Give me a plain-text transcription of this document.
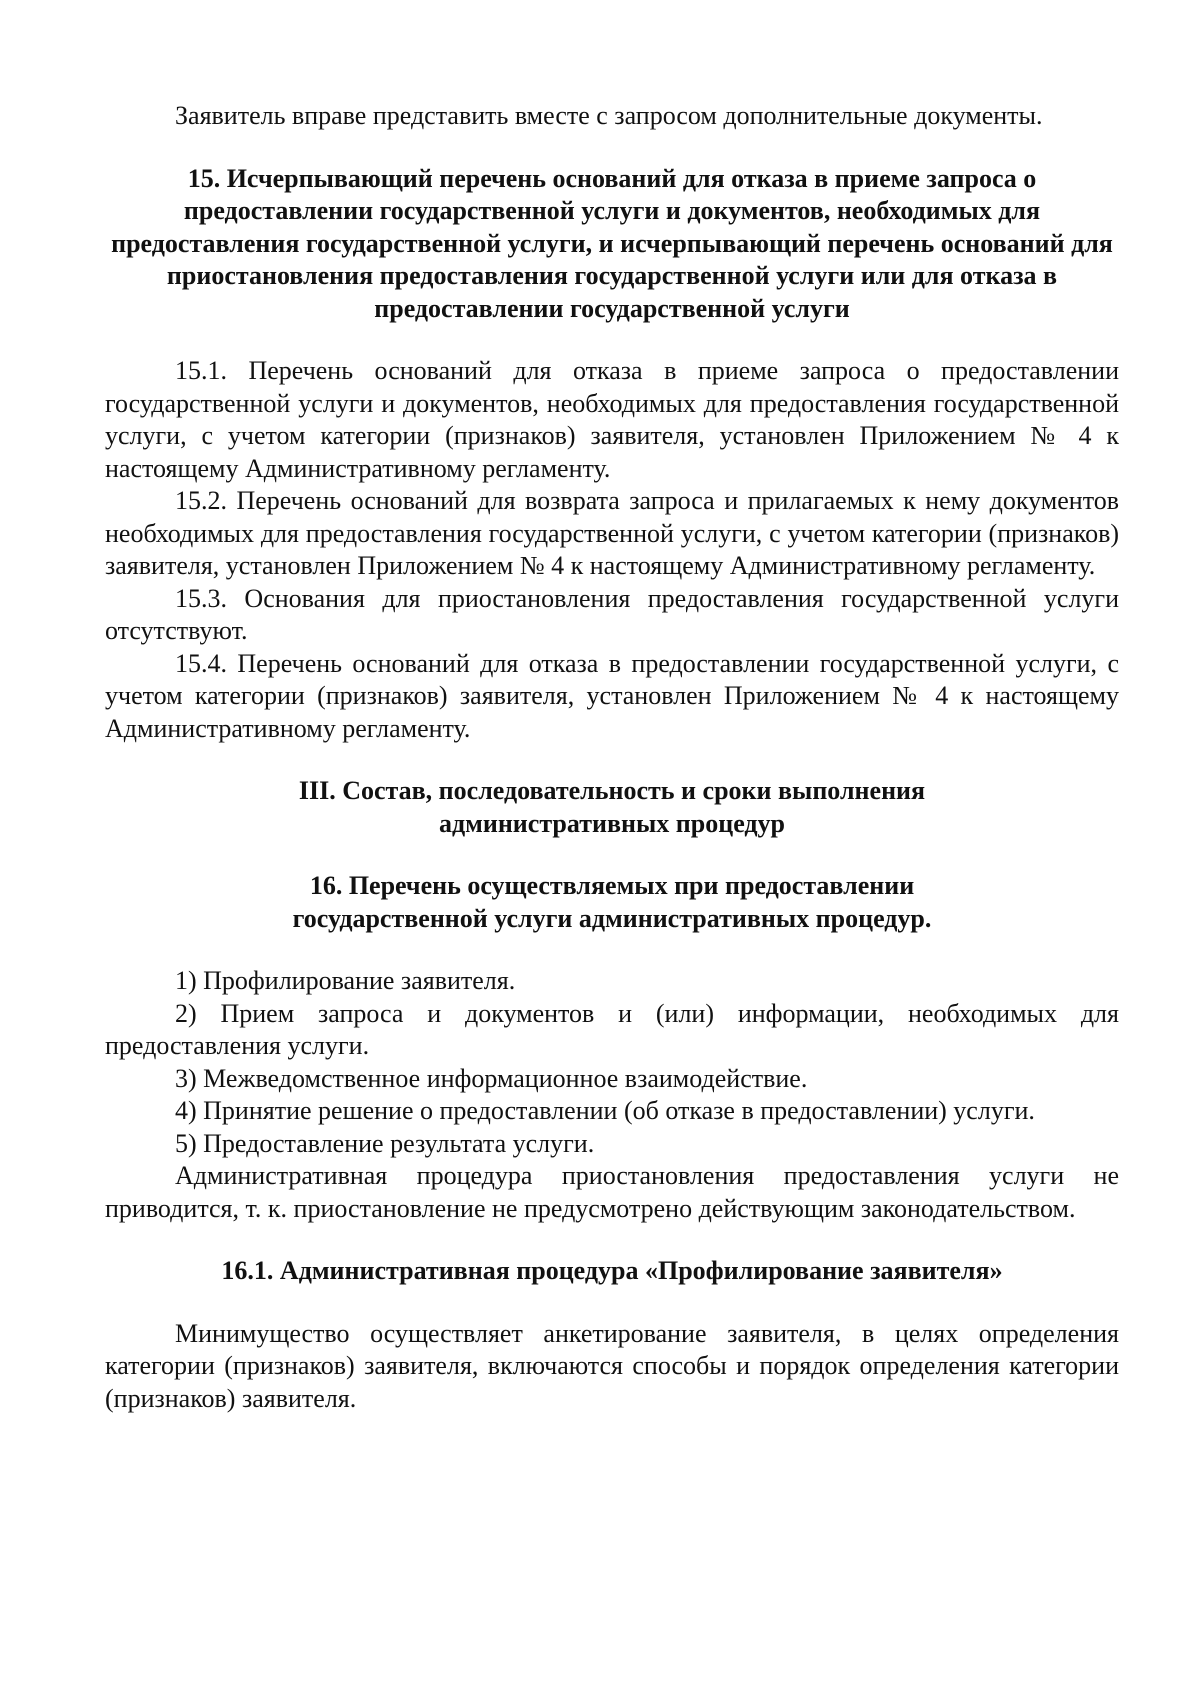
Заявитель вправе представить вместе с запросом дополнительные документы.

15. Исчерпывающий перечень оснований для отказа в приеме запроса о предоставлении государственной услуги и документов, необходимых для предоставления государственной услуги, и исчерпывающий перечень оснований для приостановления предоставления государственной услуги или для отказа в предоставлении государственной услуги

15.1. Перечень оснований для отказа в приеме запроса о предоставлении государственной услуги и документов, необходимых для предоставления государственной услуги, с учетом категории (признаков) заявителя, установлен Приложением № 4 к настоящему Административному регламенту.

15.2. Перечень оснований для возврата запроса и прилагаемых к нему документов необходимых для предоставления государственной услуги, с учетом категории (признаков) заявителя, установлен Приложением № 4 к настоящему Административному регламенту.

15.3. Основания для приостановления предоставления государственной услуги отсутствуют.

15.4. Перечень оснований для отказа в предоставлении государственной услуги, с учетом категории (признаков) заявителя, установлен Приложением № 4 к настоящему Административному регламенту.

III. Состав, последовательность и сроки выполнения

административных процедур

16. Перечень осуществляемых при предоставлении

государственной услуги административных процедур.

1) Профилирование заявителя.

2) Прием запроса и документов и (или) информации, необходимых для предоставления услуги.

3) Межведомственное информационное взаимодействие.

4) Принятие решение о предоставлении (об отказе в предоставлении) услуги.

5) Предоставление результата услуги.

Административная процедура приостановления предоставления услуги не приводится, т. к. приостановление не предусмотрено действующим законодательством.

16.1. Административная процедура «Профилирование заявителя»

Минимущество осуществляет анкетирование заявителя, в целях определения категории (признаков) заявителя, включаются способы и порядок определения категории (признаков) заявителя.
